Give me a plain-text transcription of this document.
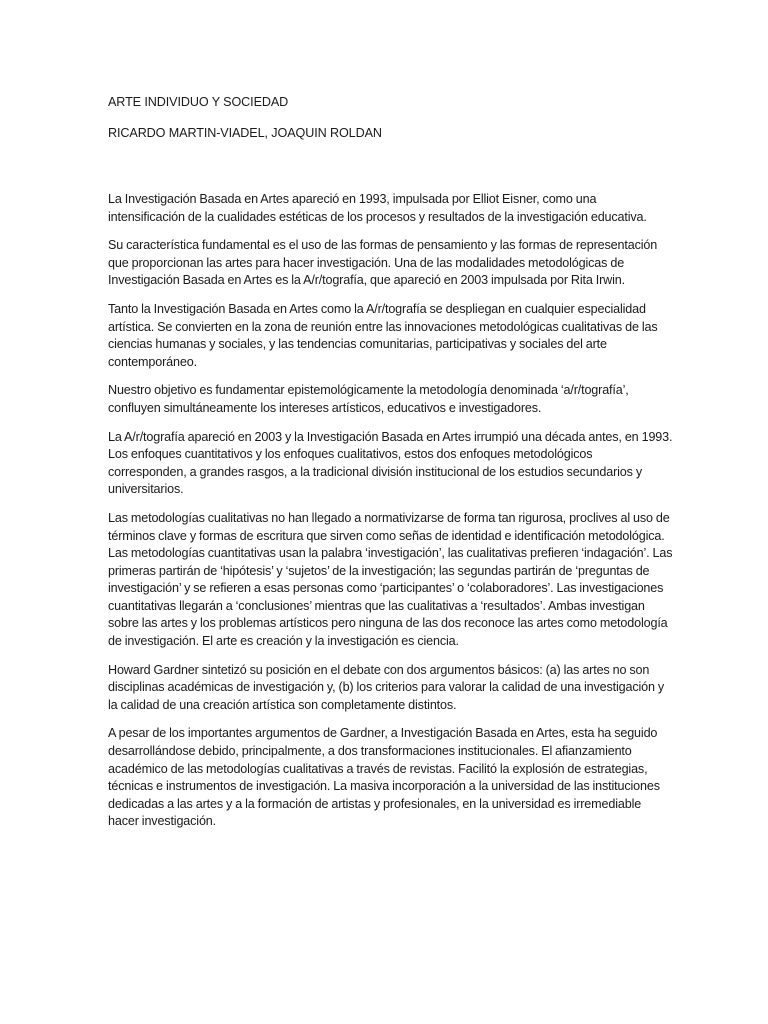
ARTE INDIVIDUO Y SOCIEDAD

RICARDO MARTIN-VIADEL, JOAQUIN ROLDAN

La Investigación Basada en Artes apareció en 1993, impulsada por Elliot Eisner, como una intensificación de la cualidades estéticas de los procesos y resultados de la investigación educativa.

Su característica fundamental es el uso de las formas de pensamiento y las formas de representación que proporcionan las artes para hacer investigación. Una de las modalidades metodológicas de Investigación Basada en Artes es la A/r/tografía, que apareció en 2003 impulsada por Rita Irwin.

Tanto la Investigación Basada en Artes como la A/r/tografía se despliegan en cualquier especialidad artística. Se convierten en la zona de reunión entre las innovaciones metodológicas cualitativas de las ciencias humanas y sociales, y las tendencias comunitarias, participativas y sociales del arte contemporáneo.

Nuestro objetivo es fundamentar epistemológicamente la metodología denominada ‘a/r/tografía’, confluyen simultáneamente los intereses artísticos, educativos e investigadores.

La A/r/tografía apareció en 2003 y la Investigación Basada en Artes irrumpió una década antes, en 1993. Los enfoques cuantitativos y los enfoques cualitativos, estos dos enfoques metodológicos corresponden, a grandes rasgos, a la tradicional división institucional de los estudios secundarios y universitarios.

Las metodologías cualitativas no han llegado a normativizarse de forma tan rigurosa, proclives al uso de términos clave y formas de escritura que sirven como señas de identidad e identificación metodológica. Las metodologías cuantitativas usan la palabra ‘investigación’, las cualitativas prefieren ‘indagación’. Las primeras partirán de ‘hipótesis’ y ‘sujetos’ de la investigación; las segundas partirán de ‘preguntas de investigación’ y se refieren a esas personas como ‘participantes’ o ‘colaboradores’. Las investigaciones cuantitativas llegarán a ‘conclusiones’ mientras que las cualitativas a ‘resultados’. Ambas investigan sobre las artes y los problemas artísticos pero ninguna de las dos reconoce las artes como metodología de investigación. El arte es creación y la investigación es ciencia.

Howard Gardner sintetizó su posición en el debate con dos argumentos básicos: (a) las artes no son disciplinas académicas de investigación y, (b) los criterios para valorar la calidad de una investigación y la calidad de una creación artística son completamente distintos.

A pesar de los importantes argumentos de Gardner, a Investigación Basada en Artes, esta ha seguido desarrollándose debido, principalmente, a dos transformaciones institucionales. El afianzamiento académico de las metodologías cualitativas a través de revistas. Facilitó la explosión de estrategias, técnicas e instrumentos de investigación. La masiva incorporación a la universidad de las instituciones dedicadas a las artes y a la formación de artistas y profesionales, en la universidad es irremediable hacer investigación.
